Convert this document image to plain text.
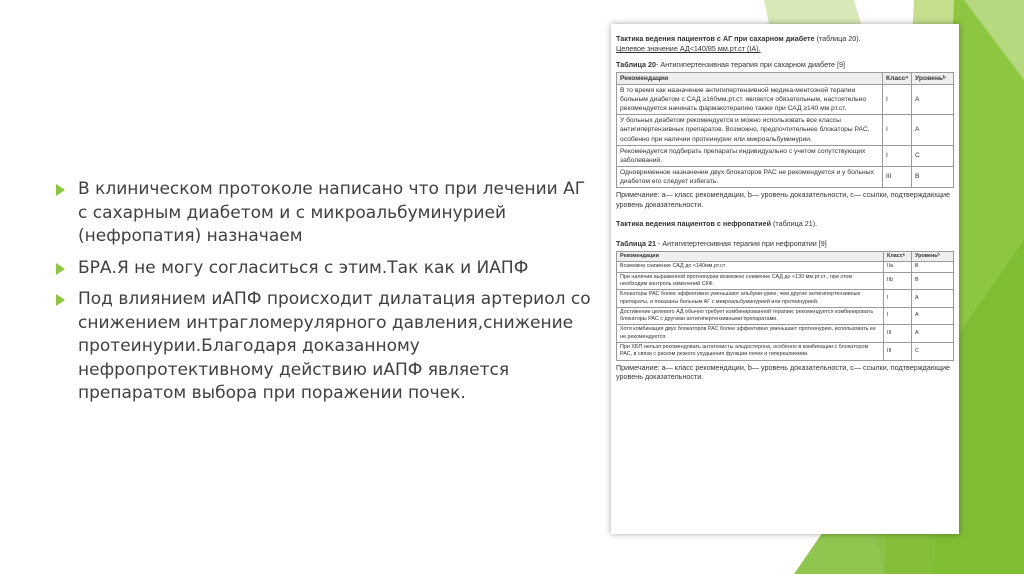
В клиническом протоколе написано что при лечении АГ с сахарным диабетом и с микроальбуминурией (нефропатия) назначаем
БРА.Я не могу согласиться с этим.Так как и ИАПФ
Под влиянием иАПФ происходит дилатация артериол со снижением интрагломерулярного давления,снижение протеинурии.Благодаря доказанному нефропротективному действию иАПФ является препаратом выбора при поражении почек.
Тактика ведения пациентов с АГ при сахарном диабете (таблица 20).
Целевое значение АД<140/85 мм.рт.ст (IA).
Таблица 20- Антигипертензивная терапия при сахарном диабете [9]
Рекомендации	Классᵃ	Уровеньᵇ
В то время как назначение антигипертензивной медика-ментозной терапии больным диабетом с САД ≥160мм.рт.ст. является обязательным, настоятельно рекомендуется начинать фармакотерапию также при САД ≥140 мм.рт.ст.	I	A
У больных диабетом рекомендуется и можно использовать все классы антигипертензивных препаратов. Возможно, предпочтительнее блокаторы РАС, особенно при наличии протеинурии или микроальбуминурии.	I	A
Рекомендуется подбирать препараты индивидуально с учетом сопутствующих заболеваний.	I	C
Одновременное назначение двух блокаторов РАС не рекомендуется и у больных диабетом его следует избегать.	III	B
Примечание: а— класс рекомендации, b— уровень доказательности, c— ссылки, подтверждающие уровень доказательности.
Тактика ведения пациентов с нефропатией (таблица 21).
Таблица 21 - Антигипертензивная терапия при нефропатии [9]
Рекомендации	Классᵃ	Уровеньᵇ
Возможно снижение САД до <140мм.рт.ст	IIa	B
При наличии выраженной протеинурии возможно снижение САД до <130 мм.рт.ст., при этом необходим контроль изменений СКФ.	IIb	B
Блокаторы РАС более эффективно уменьшают альбуми-урию, чем другие антигипертензивные препараты, и показаны больным АГ с микроальбуминурией или протеинурией.	I	A
Достижение целевого АД обычно требует комбинированной терапии; рекомендуется комбинировать блокаторы РАС с другими антигипертензивными препаратами.	I	A
Хотя комбинация двух блокаторов РАС более эффективно уменьшает протеинурию, использовать ее не рекомендуется.	III	A
При ХБП нельзя рекомендовать антагонисты альдостерона, особенно в комбинации с блокатором РАС, в связи с риском резкого ухудшения функции почек и гиперкалиемии.	III	C
Примечание: а— класс рекомендации, b— уровень доказательности, c— ссылки, подтверждающие уровень доказательности.
